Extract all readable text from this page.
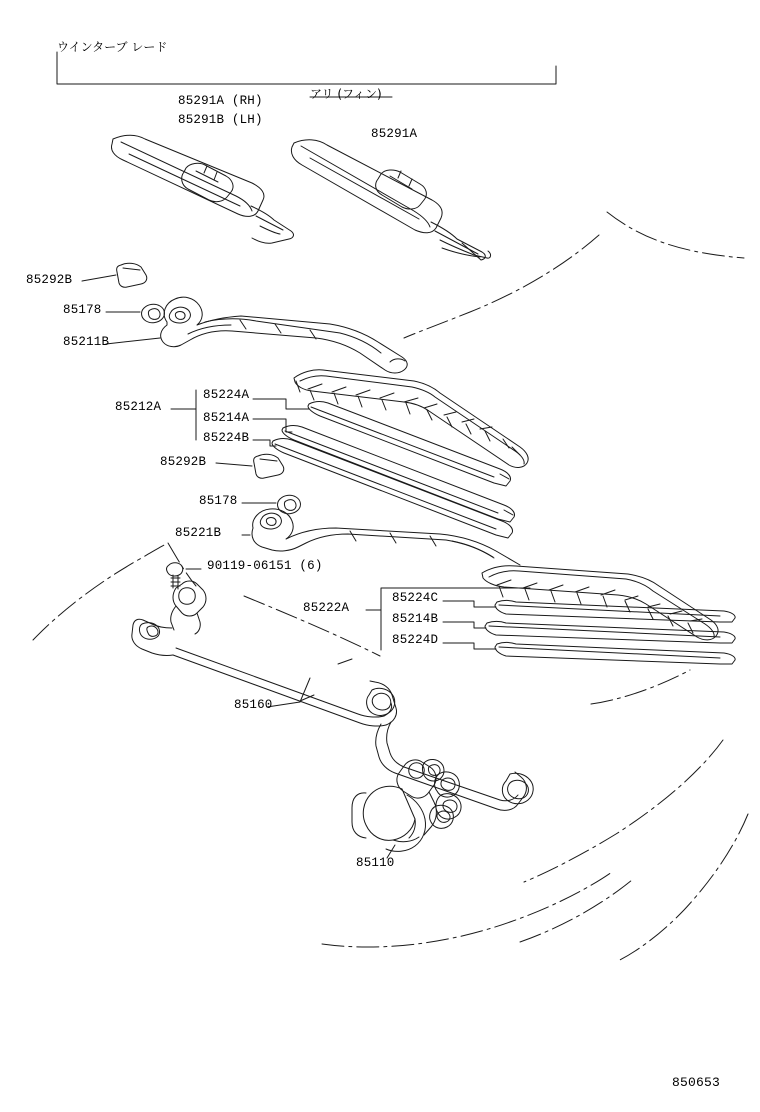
ウインターブ レード
85291A (RH)
85291B (LH)
アリ (フィン)
85291A
85292B
85178
85211B
85212A
85224A
85214A
85224B
85292B
85178
85221B
90119-06151 (6)
85222A
85224C
85214B
85224D
85160
85110
850653
